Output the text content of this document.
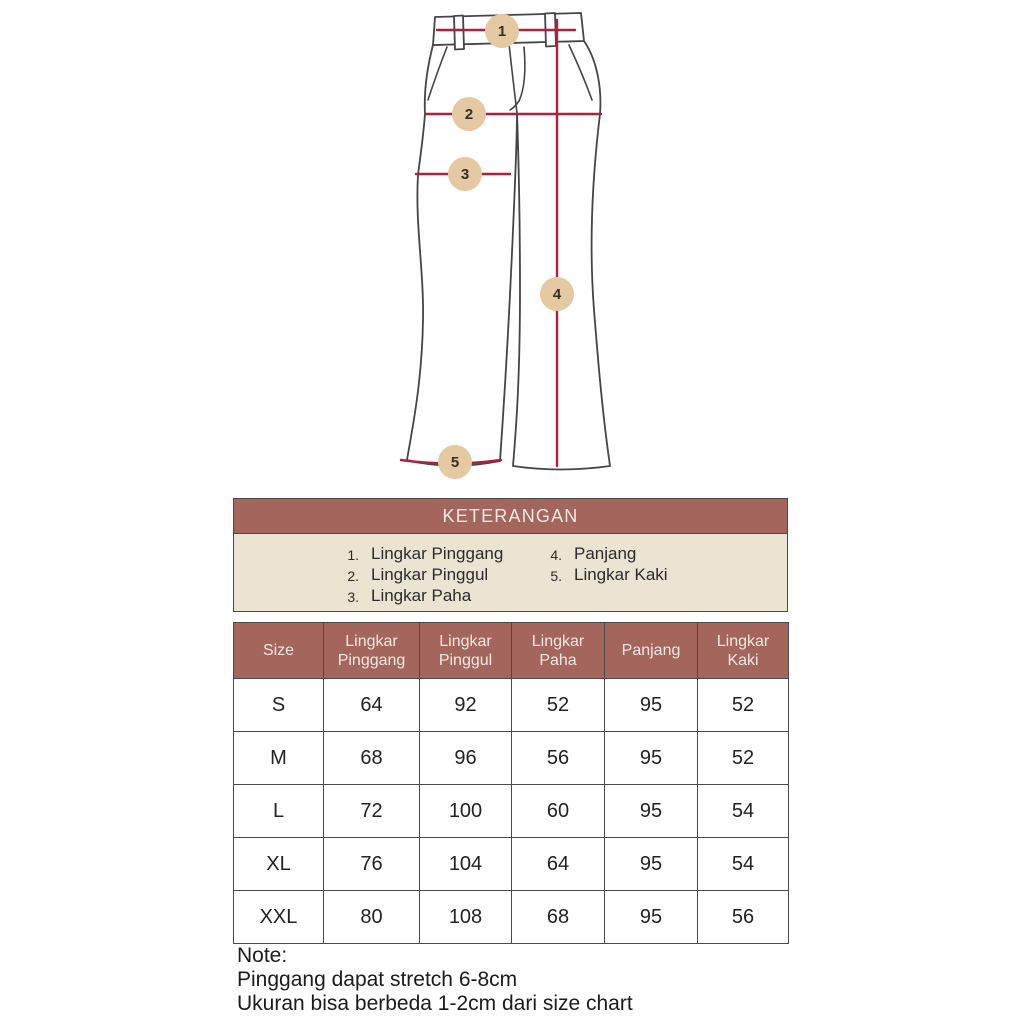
1
2
3
4
5
KETERANGAN
1. Lingkar Pinggang
2. Lingkar Pinggul
3. Lingkar Paha
4. Panjang
5. Lingkar Kaki
Size	Lingkar Pinggang	Lingkar Pinggul	Lingkar Paha	Panjang	Lingkar Kaki
S	64	92	52	95	52
M	68	96	56	95	52
L	72	100	60	95	54
XL	76	104	64	95	54
XXL	80	108	68	95	56
Note:
Pinggang dapat stretch 6-8cm
Ukuran bisa berbeda 1-2cm dari size chart
